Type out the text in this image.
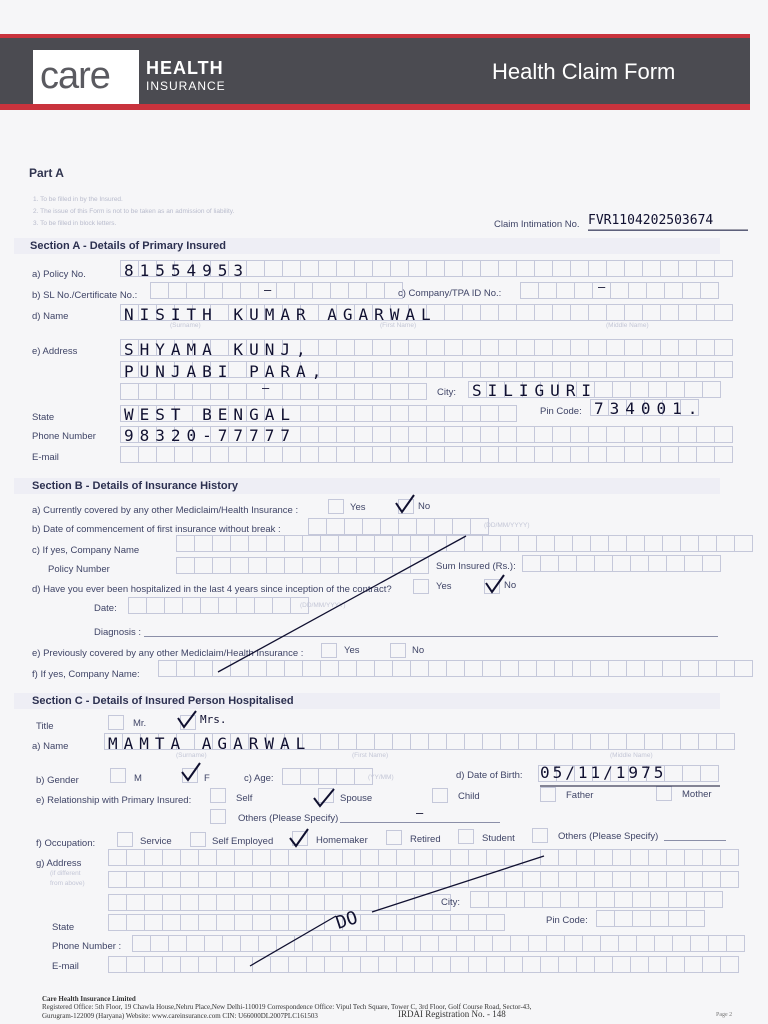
care HEALTH
INSURANCE
Health Claim Form
Part A
1. To be filled in by the Insured.
2. The issue of this Form is not to be taken as an admission of liability.
3. To be filled in block letters.	Claim Intimation No. FVR1104202503674
Section A - Details of Primary Insured
a) Policy No. 81554953
b) SL No./Certificate No.:	–	c) Company/TPA ID No.:	–
d) Name	NISITH KUMAR AGARWAL
(Surname)	(First Name)	(Middle Name)
e) Address	SHYAMA KUNJ,
PUNJABI PARA,
–	City: SILIGURI
State	WEST BENGAL	Pin Code: 734001.
Phone Number 98320-77777
E-mail
Section B - Details of Insurance History
a) Currently covered by any other Mediclaim/Health Insurance :	Yes	No
b) Date of commencement of first insurance without break :	(DD/MM/YYYY)
c) If yes, Company Name
Policy Number	Sum Insured (Rs.):
d) Have you ever been hospitalized in the last 4 years since inception of the contract?	Yes	No
Date:	(DD/MM/YYYY)
Diagnosis :
e) Previously covered by any other Mediclaim/Health Insurance :	Yes	No
f) If yes, Company Name:
Section C - Details of Insured Person Hospitalised
Title	Mr.	Mrs.
a) Name MAMTA AGARWAL
(Surname)	(First Name)	(Middle Name)
b) Gender	M	F	c) Age:	(YY/MM)	d) Date of Birth: 05/11/1975
e) Relationship with Primary Insured:	Self	Spouse	Child	Father	Mother
Others (Please Specify)	–
f) Occupation:	Service	Self Employed	Homemaker	Retired	Student	Others (Please Specify)
g) Address
(if different
from above)
City:
State
Pin Code:
Phone Number :
E-mail
DO
Care Health Insurance Limited
Registered Office: 5th Floor, 19 Chawla House,Nehru Place,New Delhi-110019 Correspondence Office: Vipul Tech Square, Tower C, 3rd Floor, Golf Course Road, Sector-43,
Gurugram-122009 (Haryana) Website: www.careinsurance.com CIN: U66000DL2007PLC161503	IRDAI Registration No. - 148	Page 2
